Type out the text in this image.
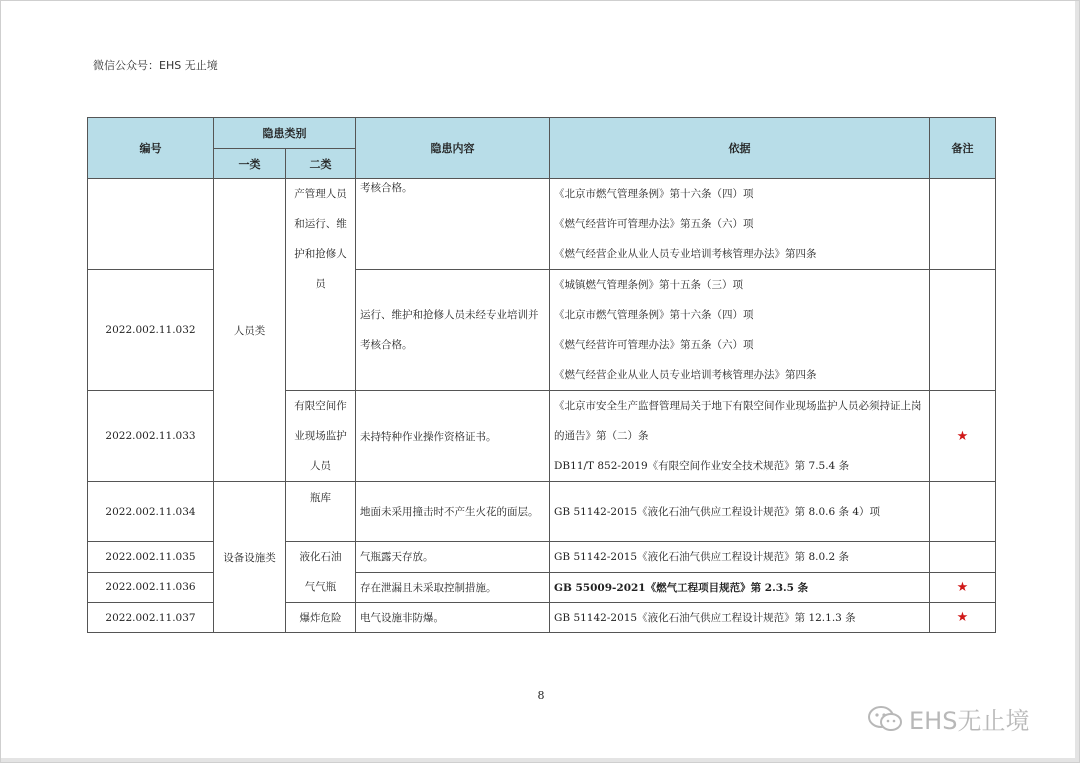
微信公众号：EHS 无止境
编号	隐患类别		隐患内容	依据	备注
	一类	二类			
	人员类	产管理人员和运行、维护和抢修人员	考核合格。	《北京市燃气管理条例》第十六条（四）项
《燃气经营许可管理办法》第五条（六）项
《燃气经营企业从业人员专业培训考核管理办法》第四条	

2022.002.11.032			运行、维护和抢修人员未经专业培训并考核合格。	《城镇燃气管理条例》第十五条（三）项
《北京市燃气管理条例》第十六条（四）项
《燃气经营许可管理办法》第五条（六）项
《燃气经营企业从业人员专业培训考核管理办法》第四条	

2022.002.11.033		有限空间作业现场监护人员	未持特种作业操作资格证书。	《北京市安全生产监督管理局关于地下有限空间作业现场监护人员必须持证上岗的通告》第（二）条
DB11/T 852-2019《有限空间作业安全技术规范》第 7.5.4 条	★
2022.002.11.034	设备设施类	瓶库	地面未采用撞击时不产生火花的面层。	GB 51142-2015《液化石油气供应工程设计规范》第 8.0.6 条 4）项	
2022.002.11.035		液化石油气气瓶	气瓶露天存放。	GB 51142-2015《液化石油气供应工程设计规范》第 8.0.2 条	
2022.002.11.036			存在泄漏且未采取控制措施。	GB 55009-2021《燃气工程项目规范》第 2.3.5 条	★
2022.002.11.037		爆炸危险	电气设施非防爆。	GB 51142-2015《液化石油气供应工程设计规范》第 12.1.3 条	★
8
EHS无止境
